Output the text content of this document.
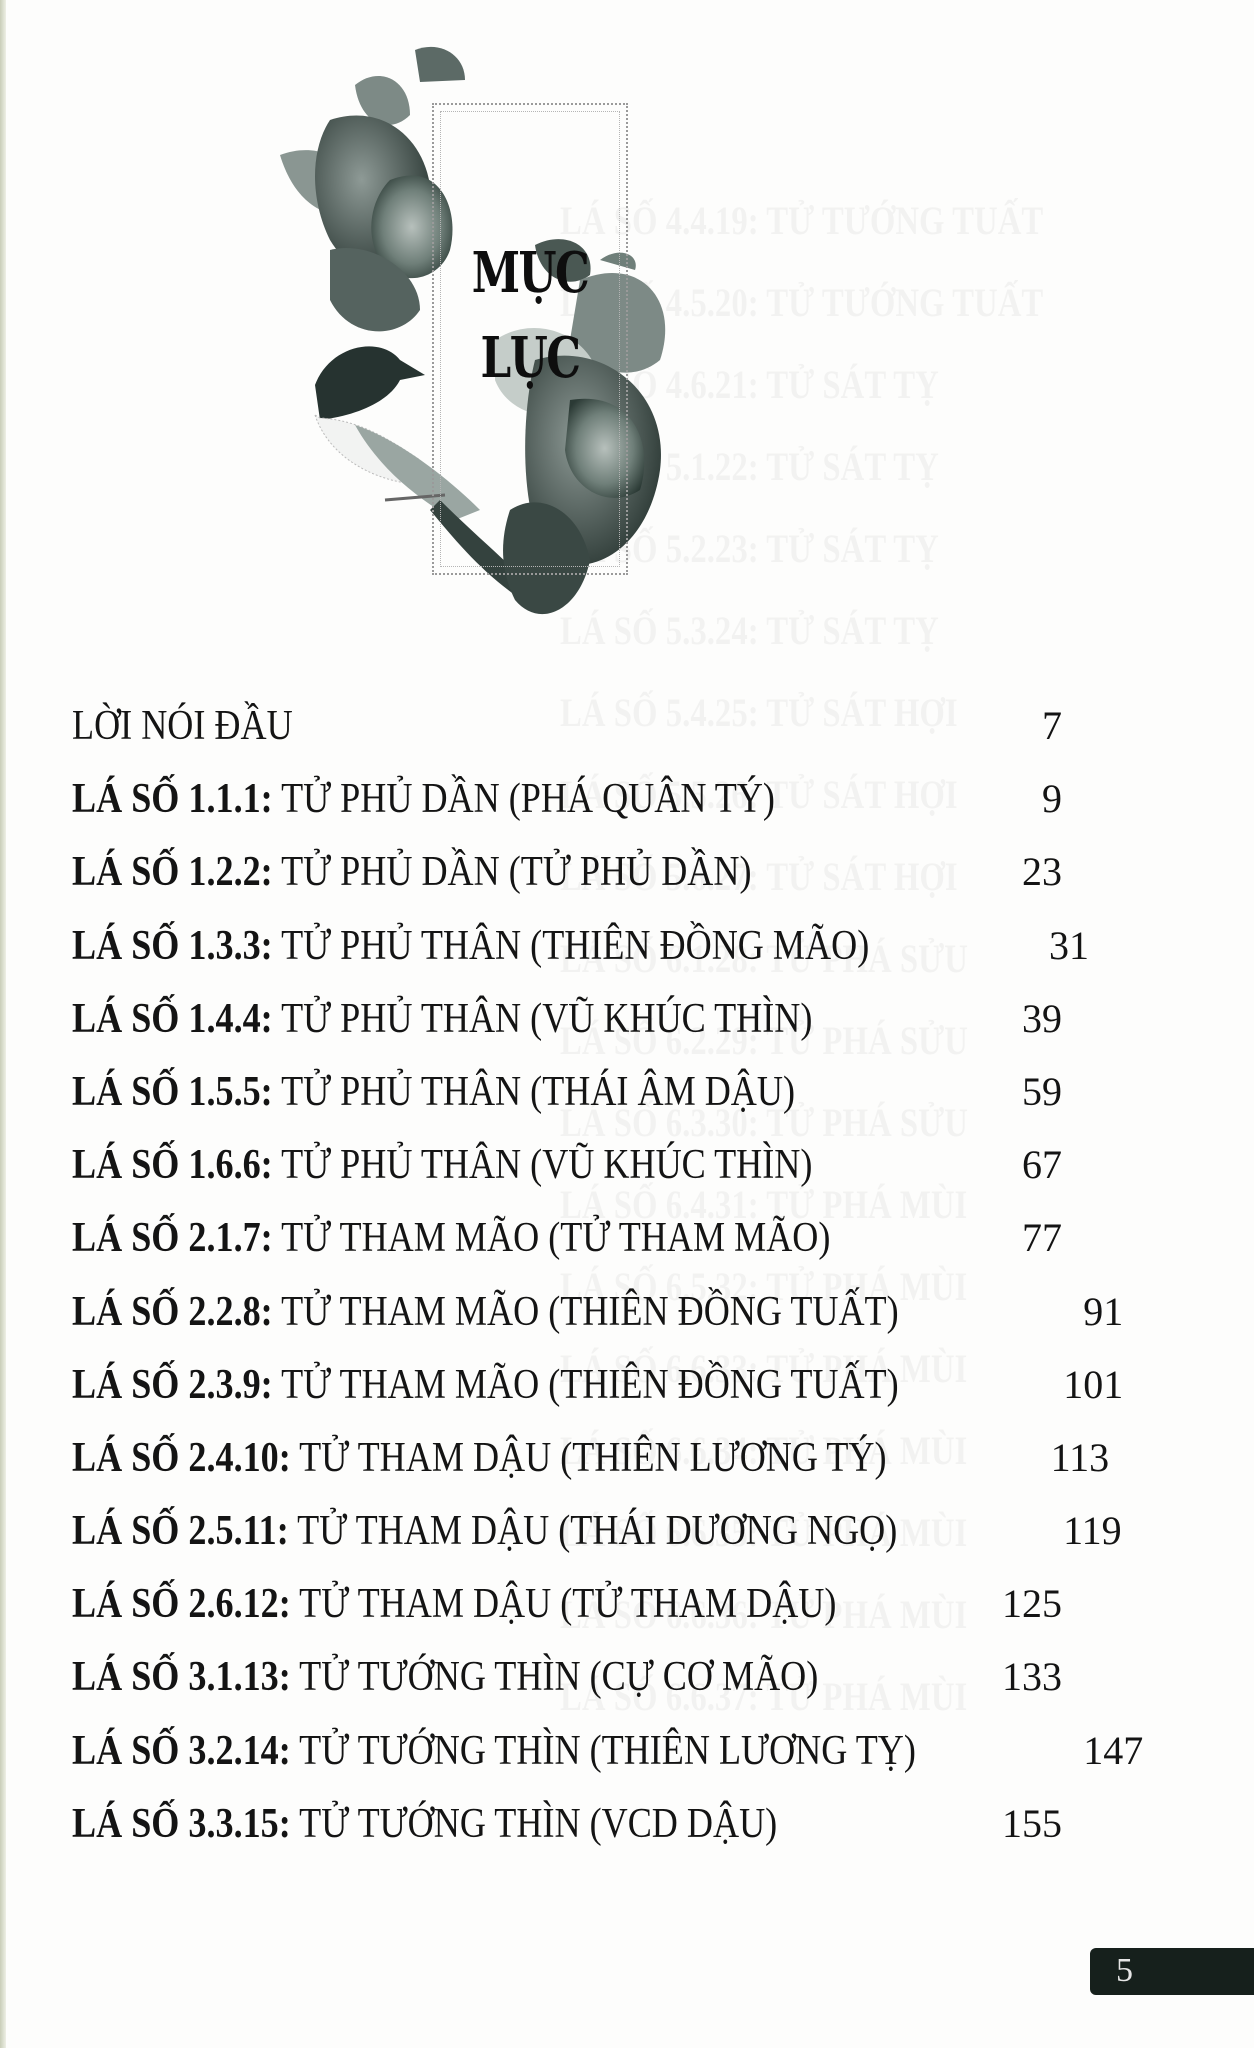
MỤC
LỤC
LỜI NÓI ĐẦU	7
LÁ SỐ 1.1.1: TỬ PHỦ DẦN (PHÁ QUÂN TÝ)	9
LÁ SỐ 1.2.2: TỬ PHỦ DẦN (TỬ PHỦ DẦN)	23
LÁ SỐ 1.3.3: TỬ PHỦ THÂN (THIÊN ĐỒNG MÃO)	31
LÁ SỐ 1.4.4: TỬ PHỦ THÂN (VŨ KHÚC THÌN)	39
LÁ SỐ 1.5.5: TỬ PHỦ THÂN (THÁI ÂM DẬU)	59
LÁ SỐ 1.6.6: TỬ PHỦ THÂN (VŨ KHÚC THÌN)	67
LÁ SỐ 2.1.7: TỬ THAM MÃO (TỬ THAM MÃO)	77
LÁ SỐ 2.2.8: TỬ THAM MÃO (THIÊN ĐỒNG TUẤT)	91
LÁ SỐ 2.3.9: TỬ THAM MÃO (THIÊN ĐỒNG TUẤT)	101
LÁ SỐ 2.4.10: TỬ THAM DẬU (THIÊN LƯƠNG TÝ)	113
LÁ SỐ 2.5.11: TỬ THAM DẬU (THÁI DƯƠNG NGỌ)	119
LÁ SỐ 2.6.12: TỬ THAM DẬU (TỬ THAM DẬU)	125
LÁ SỐ 3.1.13: TỬ TƯỚNG THÌN (CỰ CƠ MÃO)	133
LÁ SỐ 3.2.14: TỬ TƯỚNG THÌN (THIÊN LƯƠNG TỴ)	147
LÁ SỐ 3.3.15: TỬ TƯỚNG THÌN (VCD DẬU)	155
5
